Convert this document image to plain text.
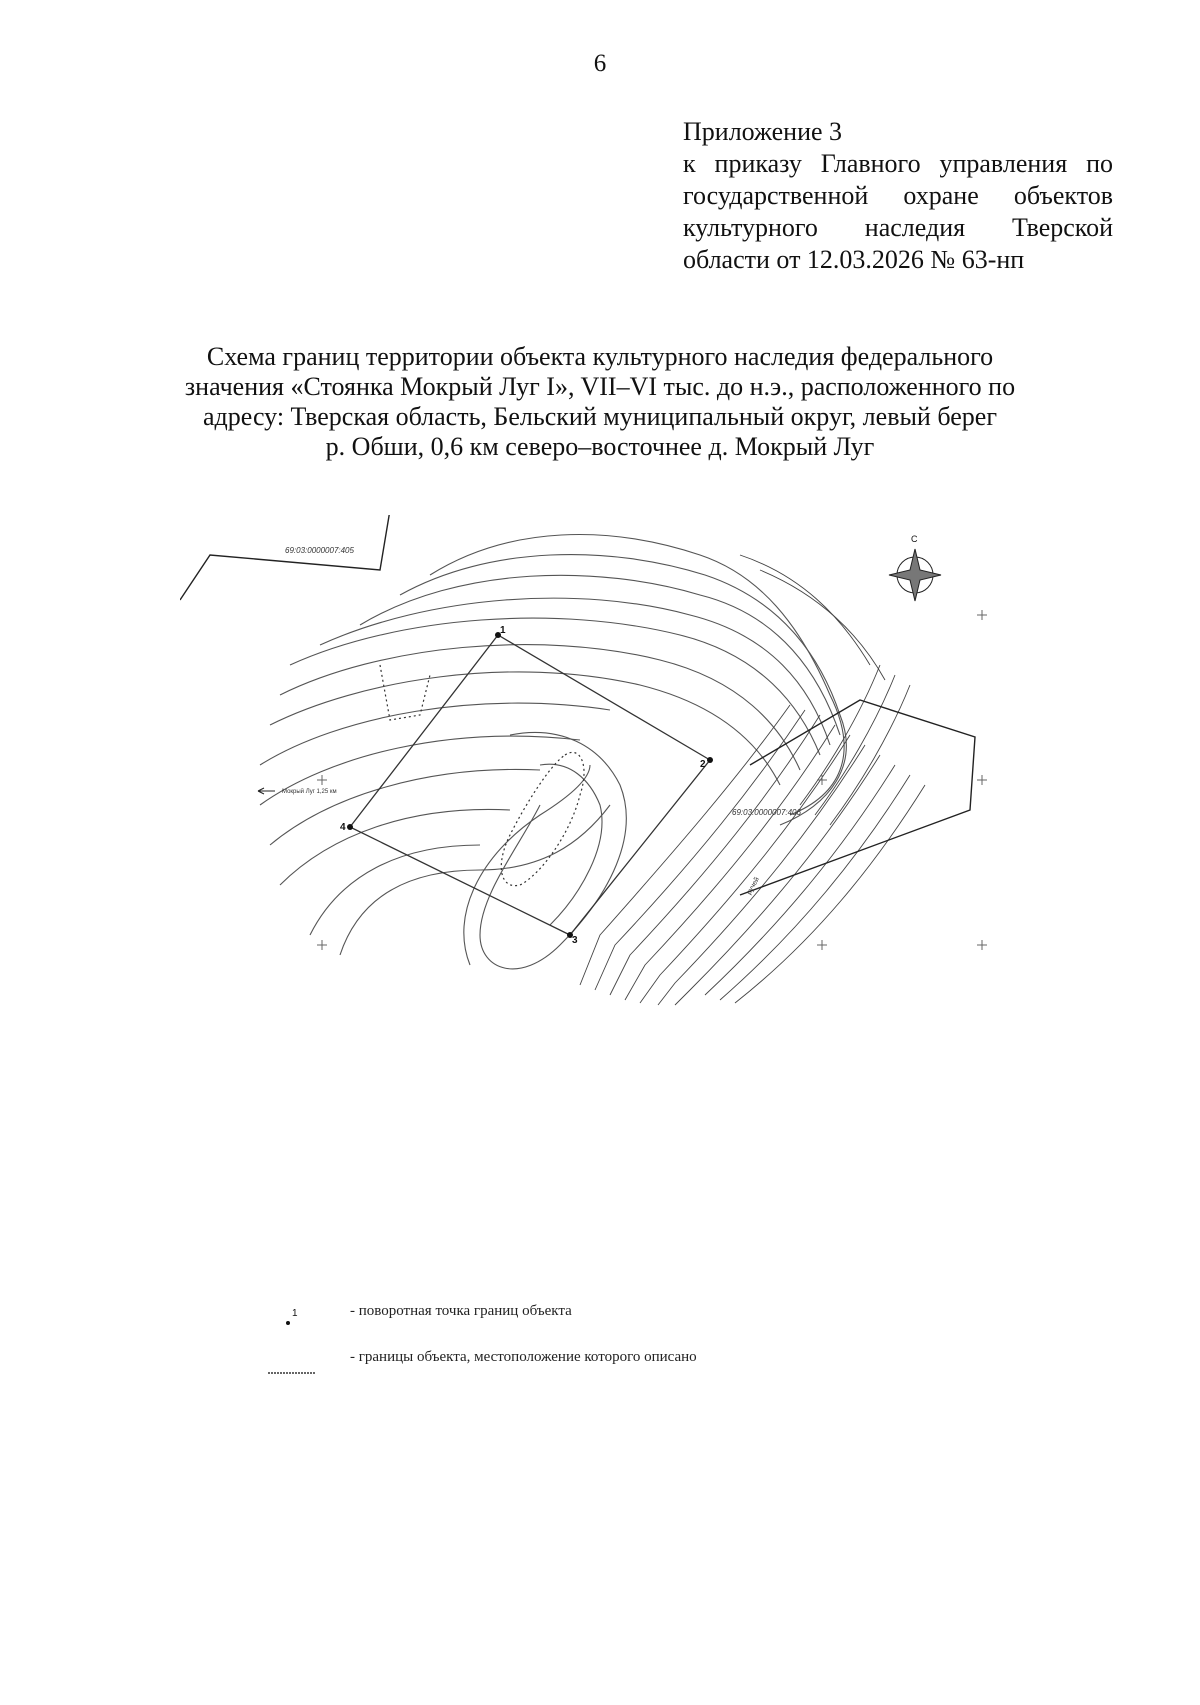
6
Приложение 3
к приказу Главного управления по
государственной охране объектов
культурного наследия Тверской
области от 12.03.2026 № 63-нп
Схема границ территории объекта культурного наследия федерального
значения «Стоянка Мокрый Луг I», VII–VI тыс. до н.э., расположенного по
адресу: Тверская область, Бельский муниципальный округ, левый берег
р. Обши, 0,6 км северо–восточнее д. Мокрый Луг
69:03:0000007:405
69:03:0000007:406
1
2
3
4
С
Мокрый Луг 1,25 км
ручей
1	- поворотная точка границ объекта
- границы объекта, местоположение которого описано
